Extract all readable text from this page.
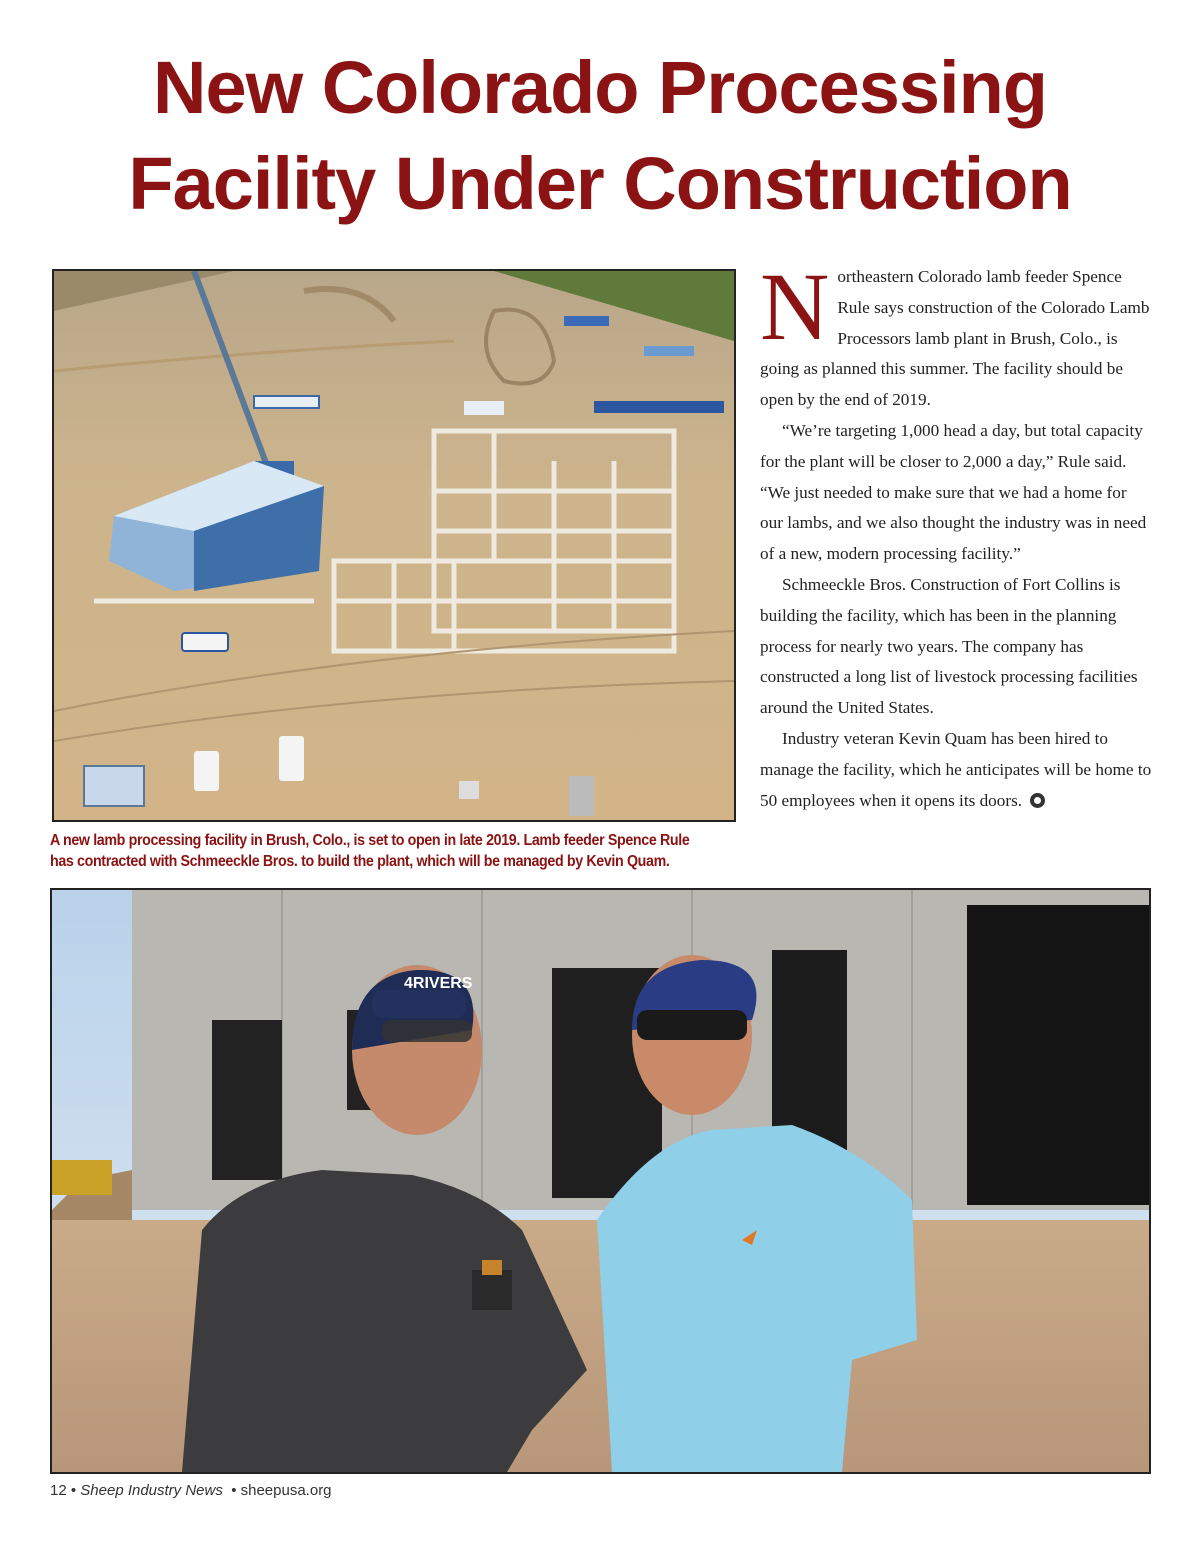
New Colorado Processing
Facility Under Construction
A new lamb processing facility in Brush, Colo., is set to open in late 2019. Lamb feeder Spence Rule
has contracted with Schmeeckle Bros. to build the plant, which will be managed by Kevin Quam.

Northeastern Colorado lamb feeder Spence Rule says construction of the Colorado Lamb Processors lamb plant in Brush, Colo., is going as planned this summer. The facility should be open by the end of 2019.

“We’re targeting 1,000 head a day, but total capacity for the plant will be closer to 2,000 a day,” Rule said. “We just needed to make sure that we had a home for our lambs, and we also thought the industry was in need of a new, modern processing facility.”

Schmeeckle Bros. Construction of Fort Collins is building the facility, which has been in the planning process for nearly two years. The company has constructed a long list of livestock processing facilities around the United States.

Industry veteran Kevin Quam has been hired to manage the facility, which he anticipates will be home to 50 employees when it opens its doors.

4RIVERS
12 • Sheep Industry News  • sheepusa.org
